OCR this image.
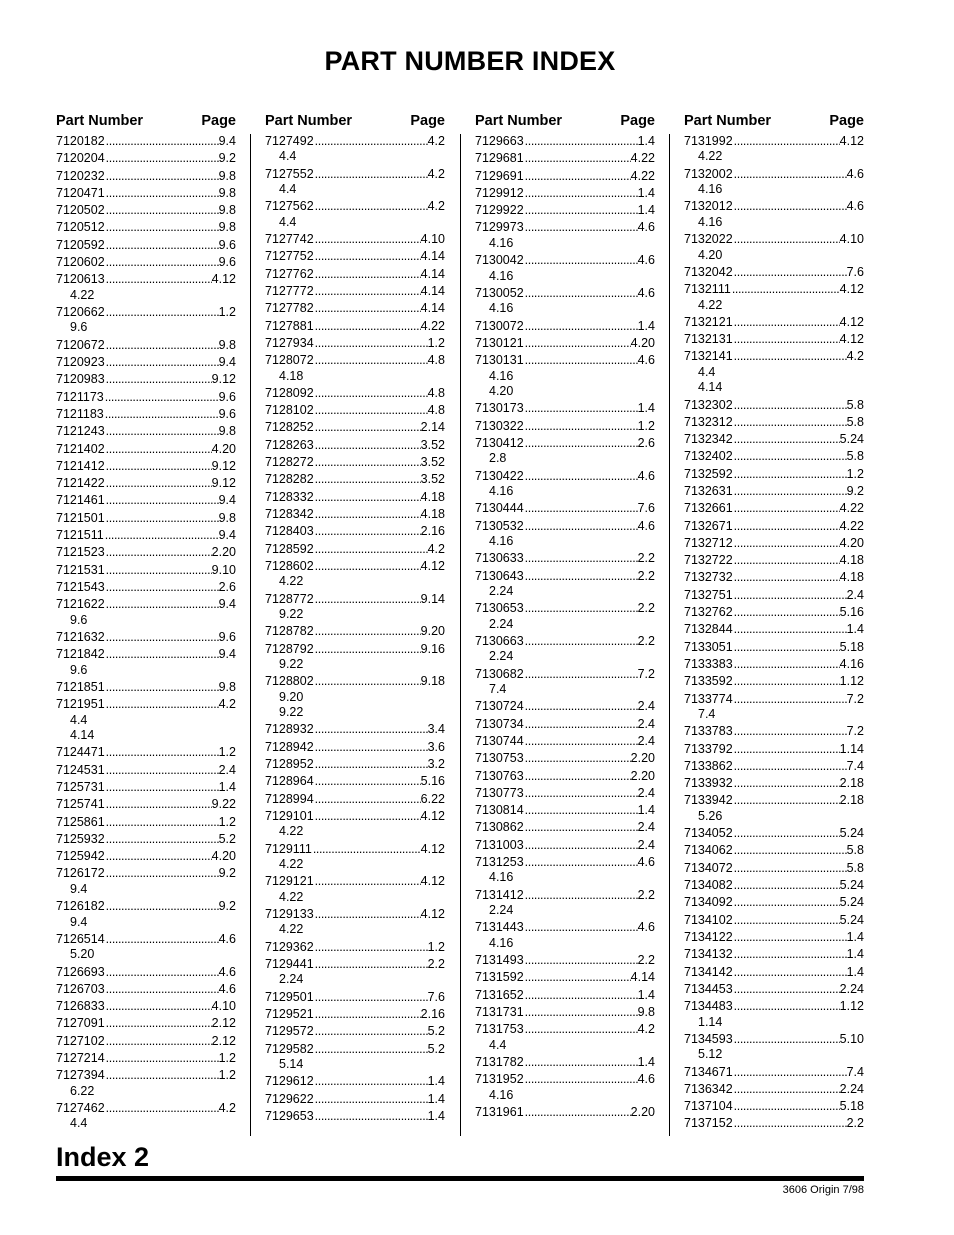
PART NUMBER INDEX
Part Number	Page
7120182 .....	9.4
7120204 .....	9.2
7120232 .....	9.8
7120471 .....	9.8
7120502 .....	9.8
7120512 .....	9.8
7120592 .....	9.6
7120602 .....	9.6
7120613 .....	4.12
4.22
7120662 .....	1.2
9.6
7120672 .....	9.8
7120923 .....	9.4
7120983 .....	9.12
7121173 .....	9.6
7121183 .....	9.6
7121243 .....	9.8
7121402 .....	4.20
7121412 .....	9.12
7121422 .....	9.12
7121461 .....	9.4
7121501 .....	9.8
7121511 .....	9.4
7121523 .....	2.20
7121531 .....	9.10
7121543 .....	2.6
7121622 .....	9.4
9.6
7121632 .....	9.6
7121842 .....	9.4
9.6
7121851 .....	9.8
7121951 .....	4.2
4.4
4.14
7124471 .....	1.2
7124531 .....	2.4
7125731 .....	1.4
7125741 .....	9.22
7125861 .....	1.2
7125932 .....	5.2
7125942 .....	4.20
7126172 .....	9.2
9.4
7126182 .....	9.2
9.4
7126514 .....	4.6
5.20
7126693 .....	4.6
7126703 .....	4.6
7126833 .....	4.10
7127091 .....	2.12
7127102 .....	2.12
7127214 .....	1.2
7127394 .....	1.2
6.22
7127462 .....	4.2
4.4
Part Number	Page
7127492 .....	4.2
4.4
7127552 .....	4.2
4.4
7127562 .....	4.2
4.4
7127742 .....	4.10
7127752 .....	4.14
7127762 .....	4.14
7127772 .....	4.14
7127782 .....	4.14
7127881 .....	4.22
7127934 .....	1.2
7128072 .....	4.8
4.18
7128092 .....	4.8
7128102 .....	4.8
7128252 .....	2.14
7128263 .....	3.52
7128272 .....	3.52
7128282 .....	3.52
7128332 .....	4.18
7128342 .....	4.18
7128403 .....	2.16
7128592 .....	4.2
7128602 .....	4.12
4.22
7128772 .....	9.14
9.22
7128782 .....	9.20
7128792 .....	9.16
9.22
7128802 .....	9.18
9.20
9.22
7128932 .....	3.4
7128942 .....	3.6
7128952 .....	3.2
7128964 .....	5.16
7128994 .....	6.22
7129101 .....	4.12
4.22
7129111 .....	4.12
4.22
7129121 .....	4.12
4.22
7129133 .....	4.12
4.22
7129362 .....	1.2
7129441 .....	2.2
2.24
7129501 .....	7.6
7129521 .....	2.16
7129572 .....	5.2
7129582 .....	5.2
5.14
7129612 .....	1.4
7129622 .....	1.4
7129653 .....	1.4
Part Number	Page
7129663 .....	1.4
7129681 .....	4.22
7129691 .....	4.22
7129912 .....	1.4
7129922 .....	1.4
7129973 .....	4.6
4.16
7130042 .....	4.6
4.16
7130052 .....	4.6
4.16
7130072 .....	1.4
7130121 .....	4.20
7130131 .....	4.6
4.16
4.20
7130173 .....	1.4
7130322 .....	1.2
7130412 .....	2.6
2.8
7130422 .....	4.6
4.16
7130444 .....	7.6
7130532 .....	4.6
4.16
7130633 .....	2.2
7130643 .....	2.2
2.24
7130653 .....	2.2
2.24
7130663 .....	2.2
2.24
7130682 .....	7.2
7.4
7130724 .....	2.4
7130734 .....	2.4
7130744 .....	2.4
7130753 .....	2.20
7130763 .....	2.20
7130773 .....	2.4
7130814 .....	1.4
7130862 .....	2.4
7131003 .....	2.4
7131253 .....	4.6
4.16
7131412 .....	2.2
2.24
7131443 .....	4.6
4.16
7131493 .....	2.2
7131592 .....	4.14
7131652 .....	1.4
7131731 .....	9.8
7131753 .....	4.2
4.4
7131782 .....	1.4
7131952 .....	4.6
4.16
7131961 .....	2.20
Part Number	Page
7131992 .....	4.12
4.22
7132002 .....	4.6
4.16
7132012 .....	4.6
4.16
7132022 .....	4.10
4.20
7132042 .....	7.6
7132111 .....	4.12
4.22
7132121 .....	4.12
7132131 .....	4.12
7132141 .....	4.2
4.4
4.14
7132302 .....	5.8
7132312 .....	5.8
7132342 .....	5.24
7132402 .....	5.8
7132592 .....	1.2
7132631 .....	9.2
7132661 .....	4.22
7132671 .....	4.22
7132712 .....	4.20
7132722 .....	4.18
7132732 .....	4.18
7132751 .....	2.4
7132762 .....	5.16
7132844 .....	1.4
7133051 .....	5.18
7133383 .....	4.16
7133592 .....	1.12
7133774 .....	7.2
7.4
7133783 .....	7.2
7133792 .....	1.14
7133862 .....	7.4
7133932 .....	2.18
7133942 .....	2.18
5.26
7134052 .....	5.24
7134062 .....	5.8
7134072 .....	5.8
7134082 .....	5.24
7134092 .....	5.24
7134102 .....	5.24
7134122 .....	1.4
7134132 .....	1.4
7134142 .....	1.4
7134453 .....	2.24
7134483 .....	1.12
1.14
7134593 .....	5.10
5.12
7134671 .....	7.4
7136342 .....	2.24
7137104 .....	5.18
7137152 .....	2.2
Index 2
3606 Origin 7/98
